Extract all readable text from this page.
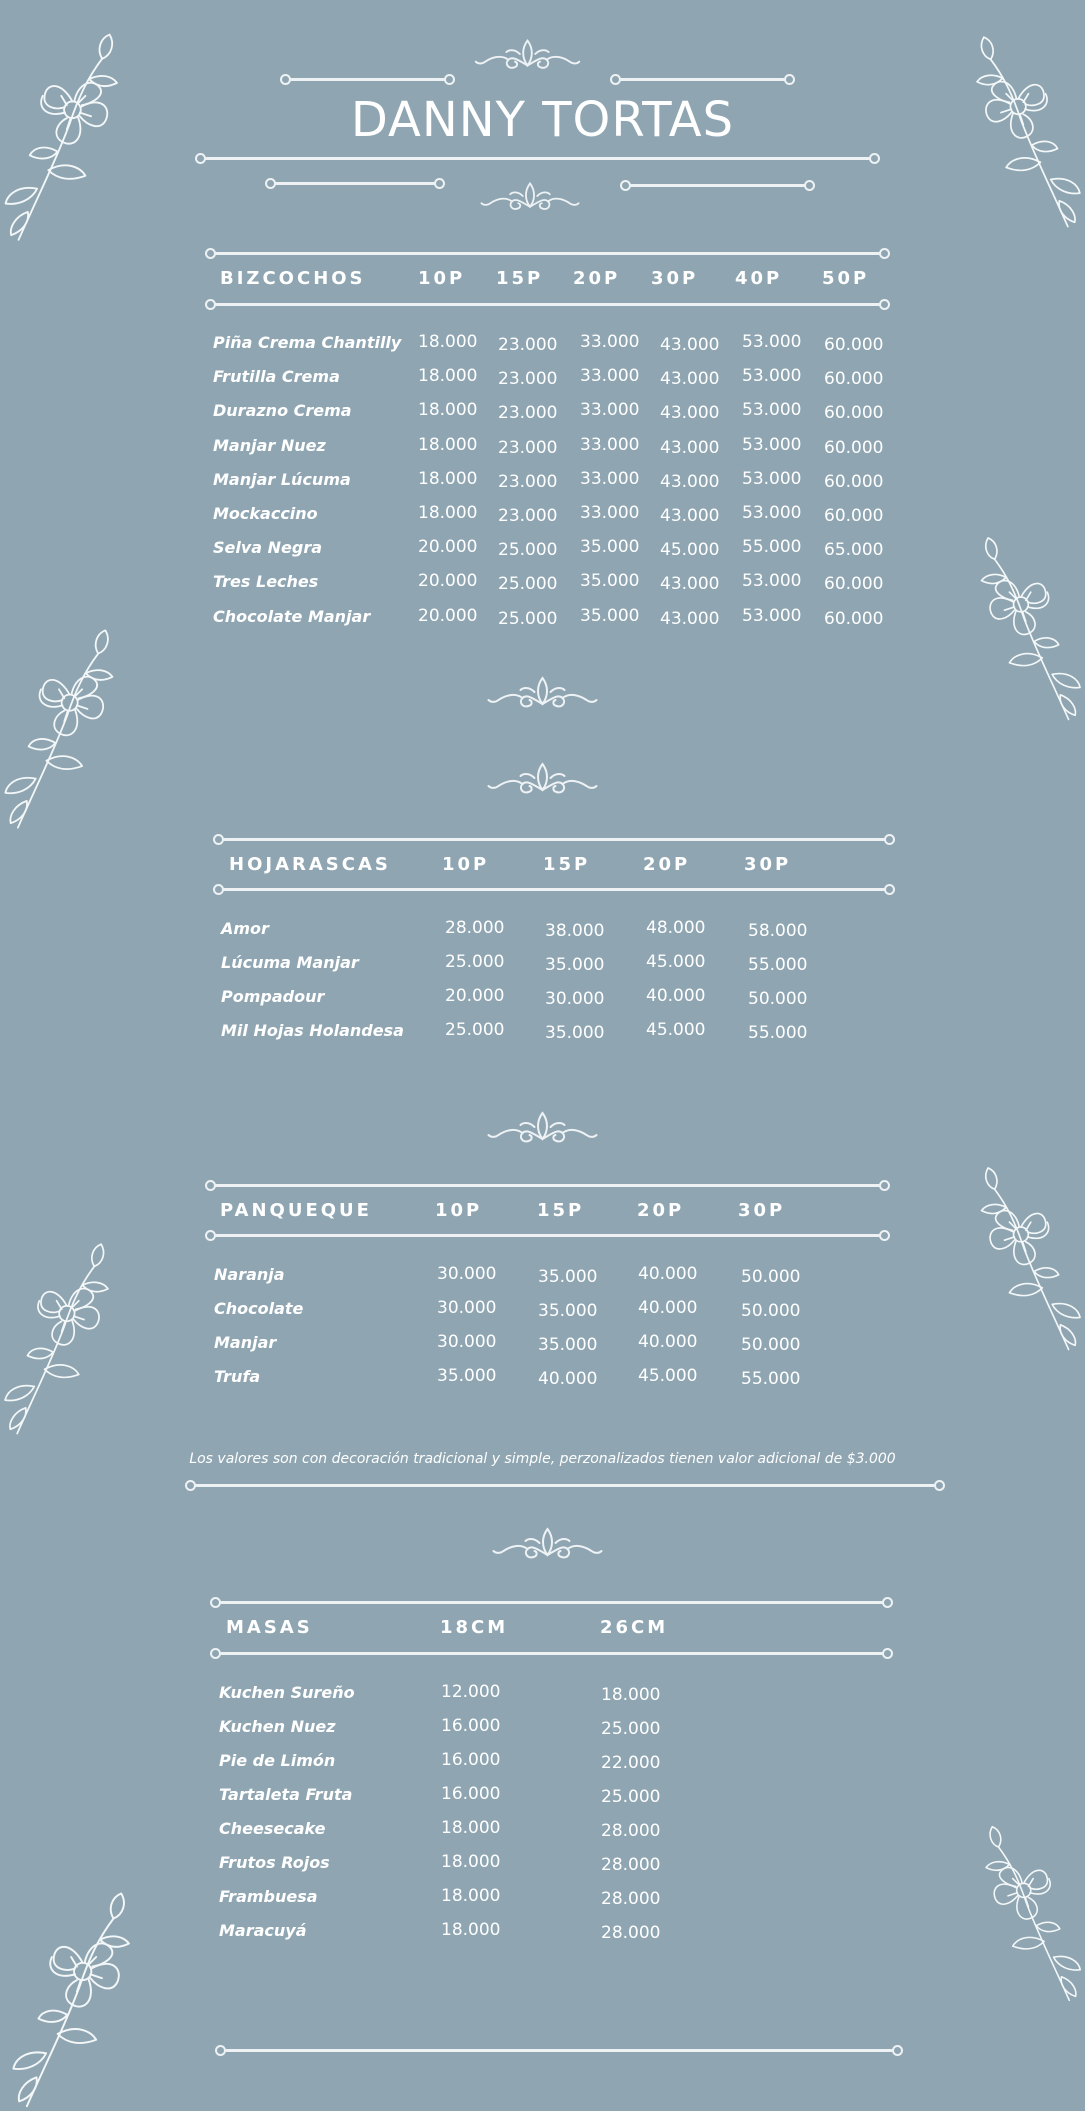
DANNY TORTAS
BIZCOCHOS	10P 15P 20P 30P 40P 50P
Piña Crema Chantilly 18.000 23.000 33.000 43.000 53.000 60.000
Frutilla Crema	18.000 23.000 33.000 43.000 53.000 60.000
Durazno Crema	18.000 23.000 33.000 43.000 53.000 60.000
Manjar Nuez	18.000 23.000 33.000 43.000 53.000 60.000
Manjar Lúcuma	18.000 23.000 33.000 43.000 53.000 60.000
Mockaccino	18.000 23.000 33.000 43.000 53.000 60.000
Selva Negra	20.000 25.000 35.000 45.000 55.000 65.000
Tres Leches	20.000 25.000 35.000 43.000 53.000 60.000
Chocolate Manjar	20.000 25.000 35.000 43.000 53.000 60.000
HOJARASCAS	10P	15P	20P	30P
Amor	28.000 38.000 48.000	58.000
Lúcuma Manjar	25.000 35.000 45.000	55.000
Pompadour	20.000 30.000 40.000	50.000
Mil Hojas Holandesa 25.000 35.000 45.000	55.000
PANQUEQUE	10P	15P	20P	30P
Naranja	30.000 35.000 40.000	50.000
Chocolate	30.000 35.000 40.000	50.000
Manjar	30.000 35.000 40.000	50.000
Trufa	35.000 40.000 45.000	55.000
Los valores son con decoración tradicional y simple, perzonalizados tienen valor adicional de $3.000
MASAS	18CM	26CM
Kuchen Sureño	12.000	18.000
Kuchen Nuez	16.000	25.000
Pie de Limón	16.000	22.000
Tartaleta Fruta	16.000	25.000
Cheesecake	18.000	28.000
Frutos Rojos	18.000	28.000
Frambuesa	18.000	28.000
Maracuyá	18.000	28.000
